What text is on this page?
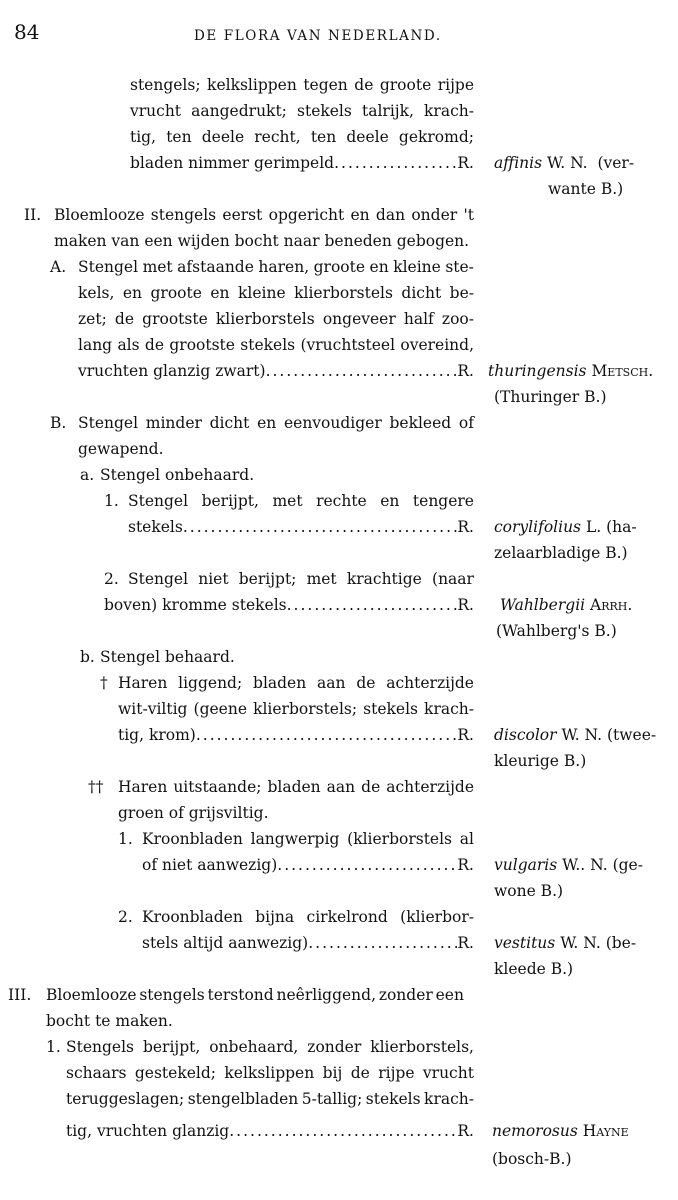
84	DE FLORA VAN NEDERLAND.
stengels; kelkslippen tegen de groote rijpe
vrucht aangedrukt; stekels talrijk, krach-
tig, ten deele recht, ten deele gekromd;
bladen nimmer gerimpeld .....	R. affinis W. N. (ver-
wante B.)
II. Bloemlooze stengels eerst opgericht en dan onder 't
maken van een wijden bocht naar beneden gebogen.
A. Stengel met afstaande haren, groote en kleine ste-
kels, en groote en kleine klierborstels dicht be-
zet; de grootste klierborstels ongeveer half zoo-
lang als de grootste stekels (vruchtsteel overeind,
vruchten glanzig zwart) .....	R. thuringensis Metsch.
(Thuringer B.)
B. Stengel minder dicht en eenvoudiger bekleed of
gewapend.
a. Stengel onbehaard.
1. Stengel berijpt, met rechte en tengere
stekels .....	R. corylifolius L. (ha-
zelaarbladige B.)
2. Stengel niet berijpt; met krachtige (naar
boven) kromme stekels .....	R. Wahlbergii Arrh.
(Wahlberg's B.)
b. Stengel behaard.
† Haren liggend; bladen aan de achterzijde
wit-viltig (geene klierborstels; stekels krach-
tig, krom) .....	R. discolor W. N. (twee-
kleurige B.)
†† Haren uitstaande; bladen aan de achterzijde
groen of grijsviltig.
1. Kroonbladen langwerpig (klierborstels al
of niet aanwezig) .....	R. vulgaris W.. N. (ge-
wone B.)
2. Kroonbladen bijna cirkelrond (klierbor-
stels altijd aanwezig) .....	R. vestitus W. N. (be-
kleede B.)
III. Bloemlooze stengels terstond neêrliggend, zonder een
bocht te maken.
1. Stengels berijpt, onbehaard, zonder klierborstels,
schaars gestekeld; kelkslippen bij de rijpe vrucht
teruggeslagen; stengelbladen 5-tallig; stekels krach-
tig, vruchten glanzig .....	R. nemorosus Hayne
(bosch-B.)
